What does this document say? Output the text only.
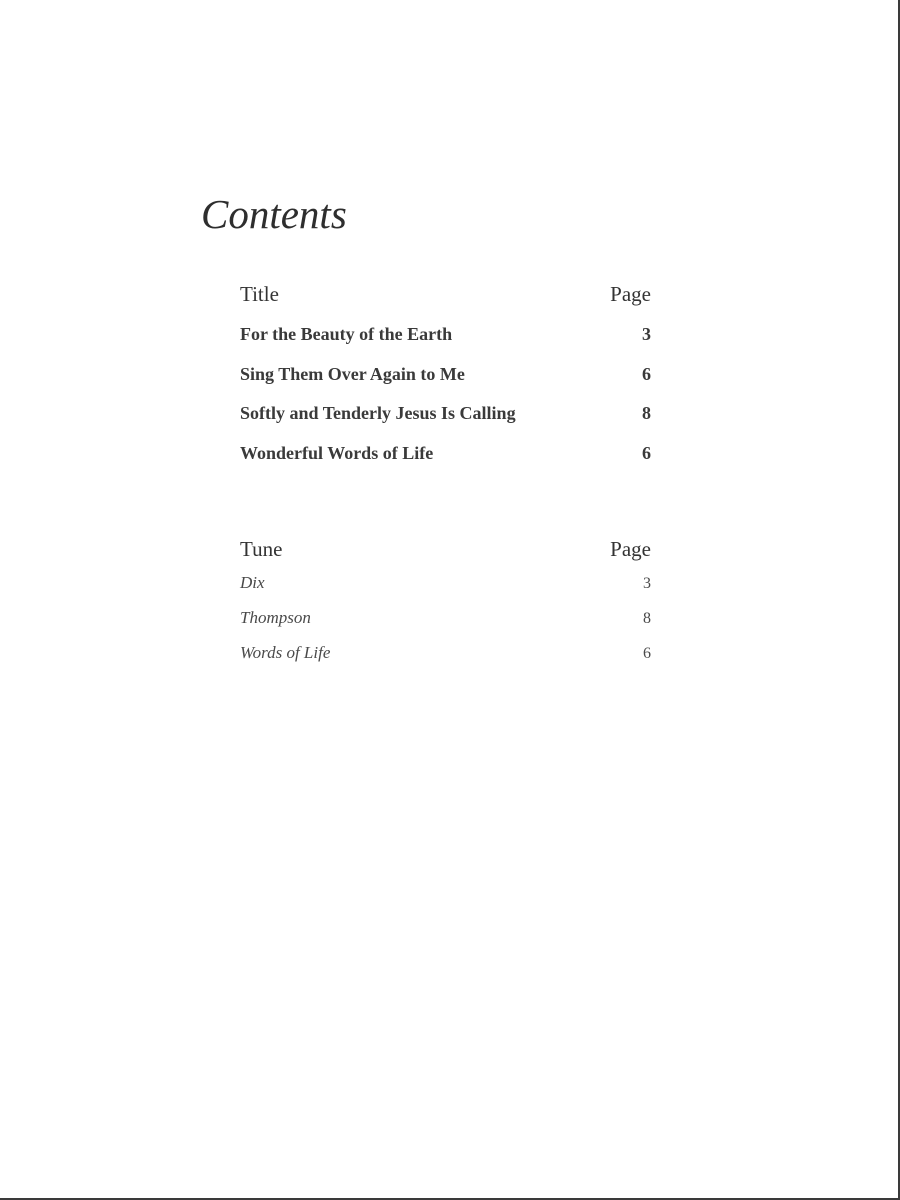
Contents
Title	Page
For the Beauty of the Earth	3
Sing Them Over Again to Me	6
Softly and Tenderly Jesus Is Calling	8
Wonderful Words of Life	6
Tune	Page
Dix	3
Thompson	8
Words of Life	6
